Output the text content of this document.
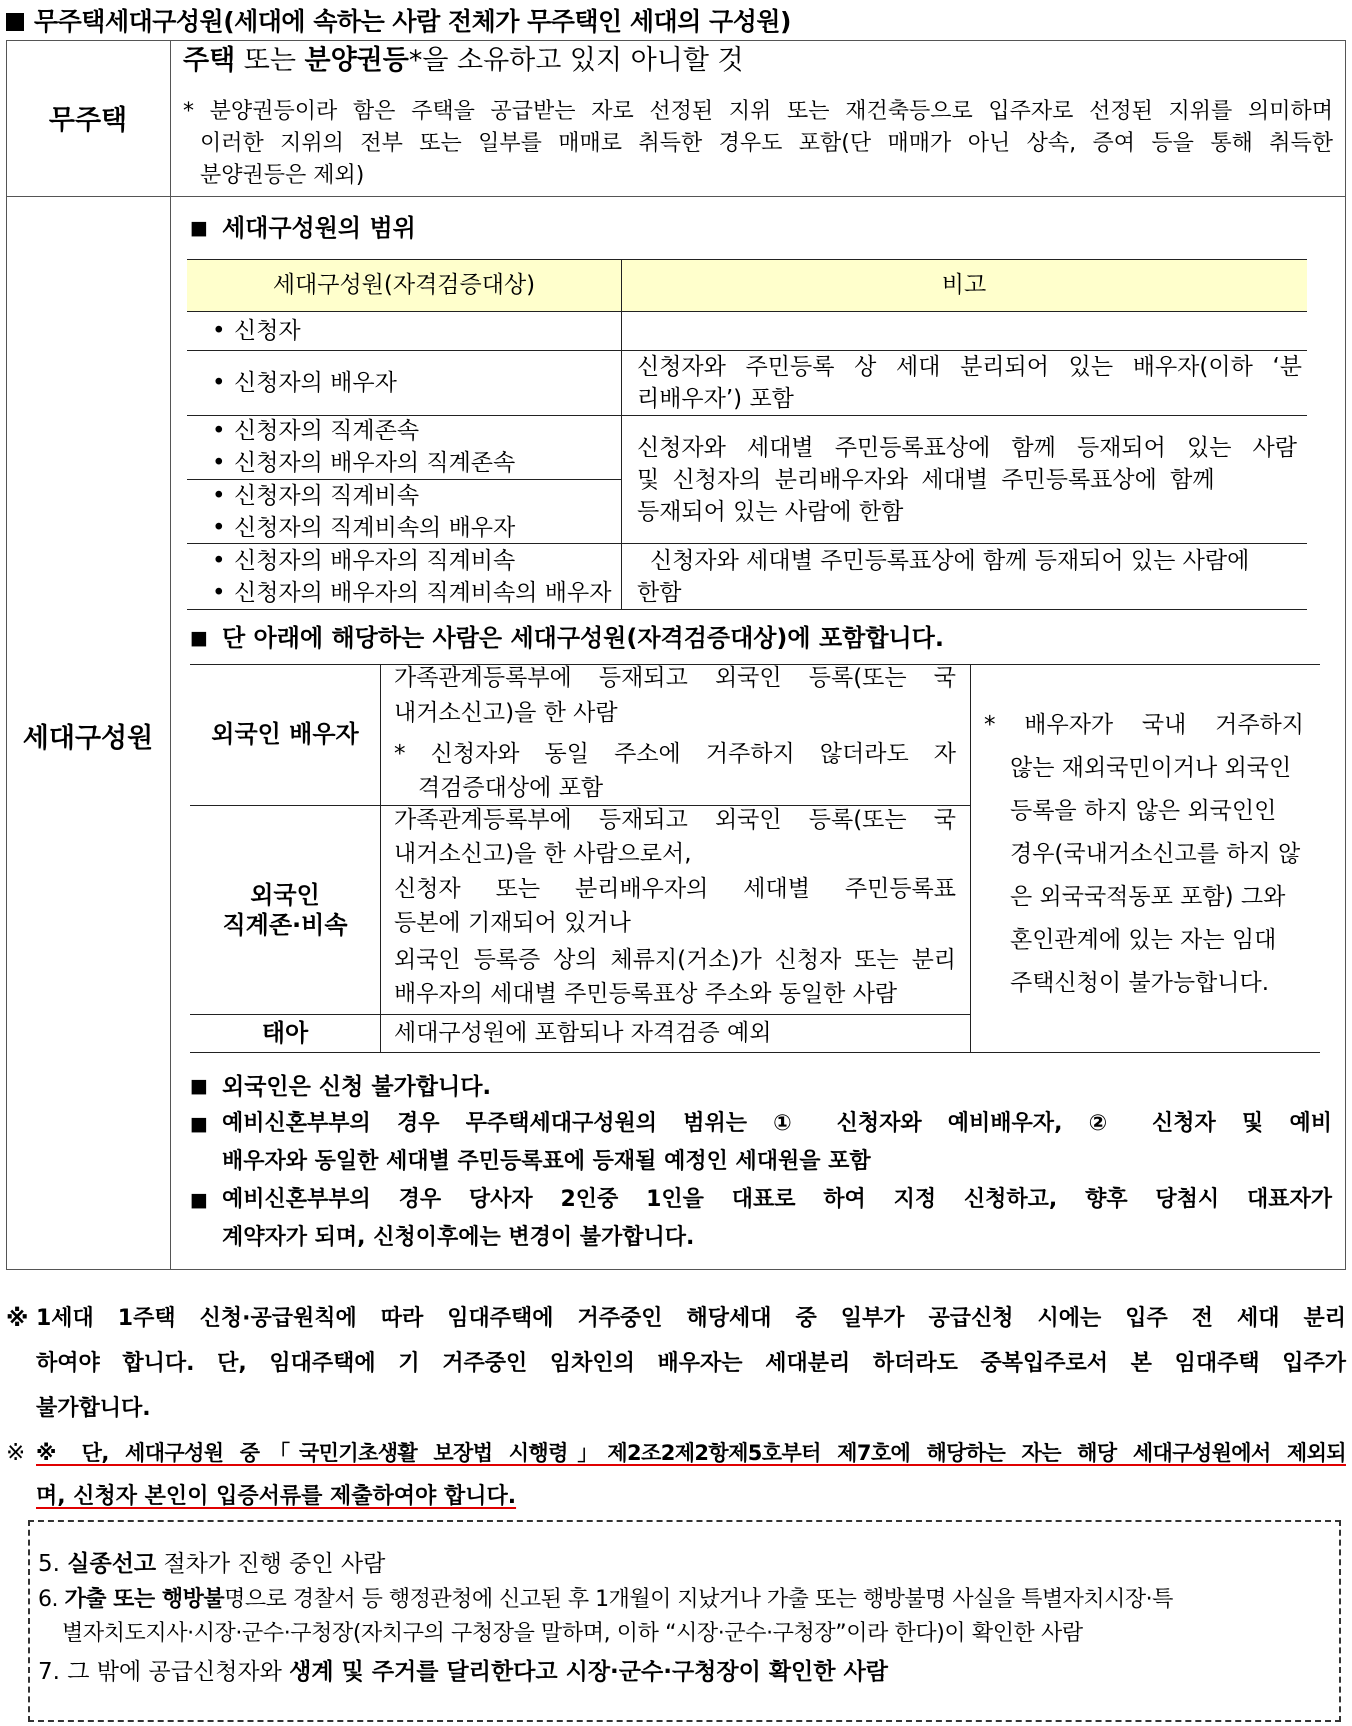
무주택세대구성원(세대에 속하는 사람 전체가 무주택인 세대의 구성원)
무주택
주택 또는 분양권등*을 소유하고 있지 아니할 것
* 분양권등이라 함은 주택을 공급받는 자로 선정된 지위 또는 재건축등으로 입주자로 선정된 지위를 의미하며
이러한 지위의 전부 또는 일부를 매매로 취득한 경우도 포함(단 매매가 아닌 상속, 증여 등을 통해 취득한
분양권등은 제외)
세대구성원
■ 세대구성원의 범위
세대구성원(자격검증대상)	비고
• 신청자
• 신청자의 배우자
신청자와 주민등록 상 세대 분리되어 있는 배우자(이하 ‘분
리배우자’) 포함
• 신청자의 직계존속
• 신청자의 배우자의 직계존속
• 신청자의 직계비속
• 신청자의 직계비속의 배우자
신청자와 세대별 주민등록표상에 함께 등재되어 있는 사람
및 신청자의 분리배우자와 세대별 주민등록표상에 함께
등재되어 있는 사람에 한함
• 신청자의 배우자의 직계비속
• 신청자의 배우자의 직계비속의 배우자
신청자와 세대별 주민등록표상에 함께 등재되어 있는 사람에
한함
■ 단 아래에 해당하는 사람은 세대구성원(자격검증대상)에 포함합니다.
외국인 배우자
가족관계등록부에 등재되고 외국인 등록(또는 국
내거소신고)을 한 사람
* 신청자와 동일 주소에 거주하지 않더라도 자
격검증대상에 포함
외국인
직계존·비속
가족관계등록부에 등재되고 외국인 등록(또는 국
내거소신고)을 한 사람으로서,
신청자 또는 분리배우자의 세대별 주민등록표
등본에 기재되어 있거나
외국인 등록증 상의 체류지(거소)가 신청자 또는 분리
배우자의 세대별 주민등록표상 주소와 동일한 사람
태아	세대구성원에 포함되나 자격검증 예외
* 배우자가 국내 거주하지
않는 재외국민이거나 외국인
등록을 하지 않은 외국인인
경우(국내거소신고를 하지 않
은 외국국적동포 포함) 그와
혼인관계에 있는 자는 임대
주택신청이 불가능합니다.
■ 외국인은 신청 불가합니다.
■
예비신혼부부의 경우 무주택세대구성원의 범위는 ① 신청자와 예비배우자, ② 신청자 및 예비
배우자와 동일한 세대별 주민등록표에 등재될 예정인 세대원을 포함
■
예비신혼부부의 경우 당사자 2인중 1인을 대표로 하여 지정 신청하고, 향후 당첨시 대표자가
계약자가 되며, 신청이후에는 변경이 불가합니다.
※ 1세대 1주택 신청·공급원칙에 따라 임대주택에 거주중인 해당세대 중 일부가 공급신청 시에는 입주 전 세대 분리
하여야 합니다. 단, 임대주택에 기 거주중인 임차인의 배우자는 세대분리 하더라도 중복입주로서 본 임대주택 입주가
불가합니다.
※ ※ 단, 세대구성원 중「국민기초생활 보장법 시행령」제2조2제2항제5호부터 제7호에 해당하는 자는 해당 세대구성원에서 제외되
며, 신청자 본인이 입증서류를 제출하여야 합니다.
5. 실종선고 절차가 진행 중인 사람
6. 가출 또는 행방불명으로 경찰서 등 행정관청에 신고된 후 1개월이 지났거나 가출 또는 행방불명 사실을 특별자치시장·특
별자치도지사·시장·군수·구청장(자치구의 구청장을 말하며, 이하 “시장·군수·구청장”이라 한다)이 확인한 사람
7. 그 밖에 공급신청자와 생계 및 주거를 달리한다고 시장·군수·구청장이 확인한 사람
